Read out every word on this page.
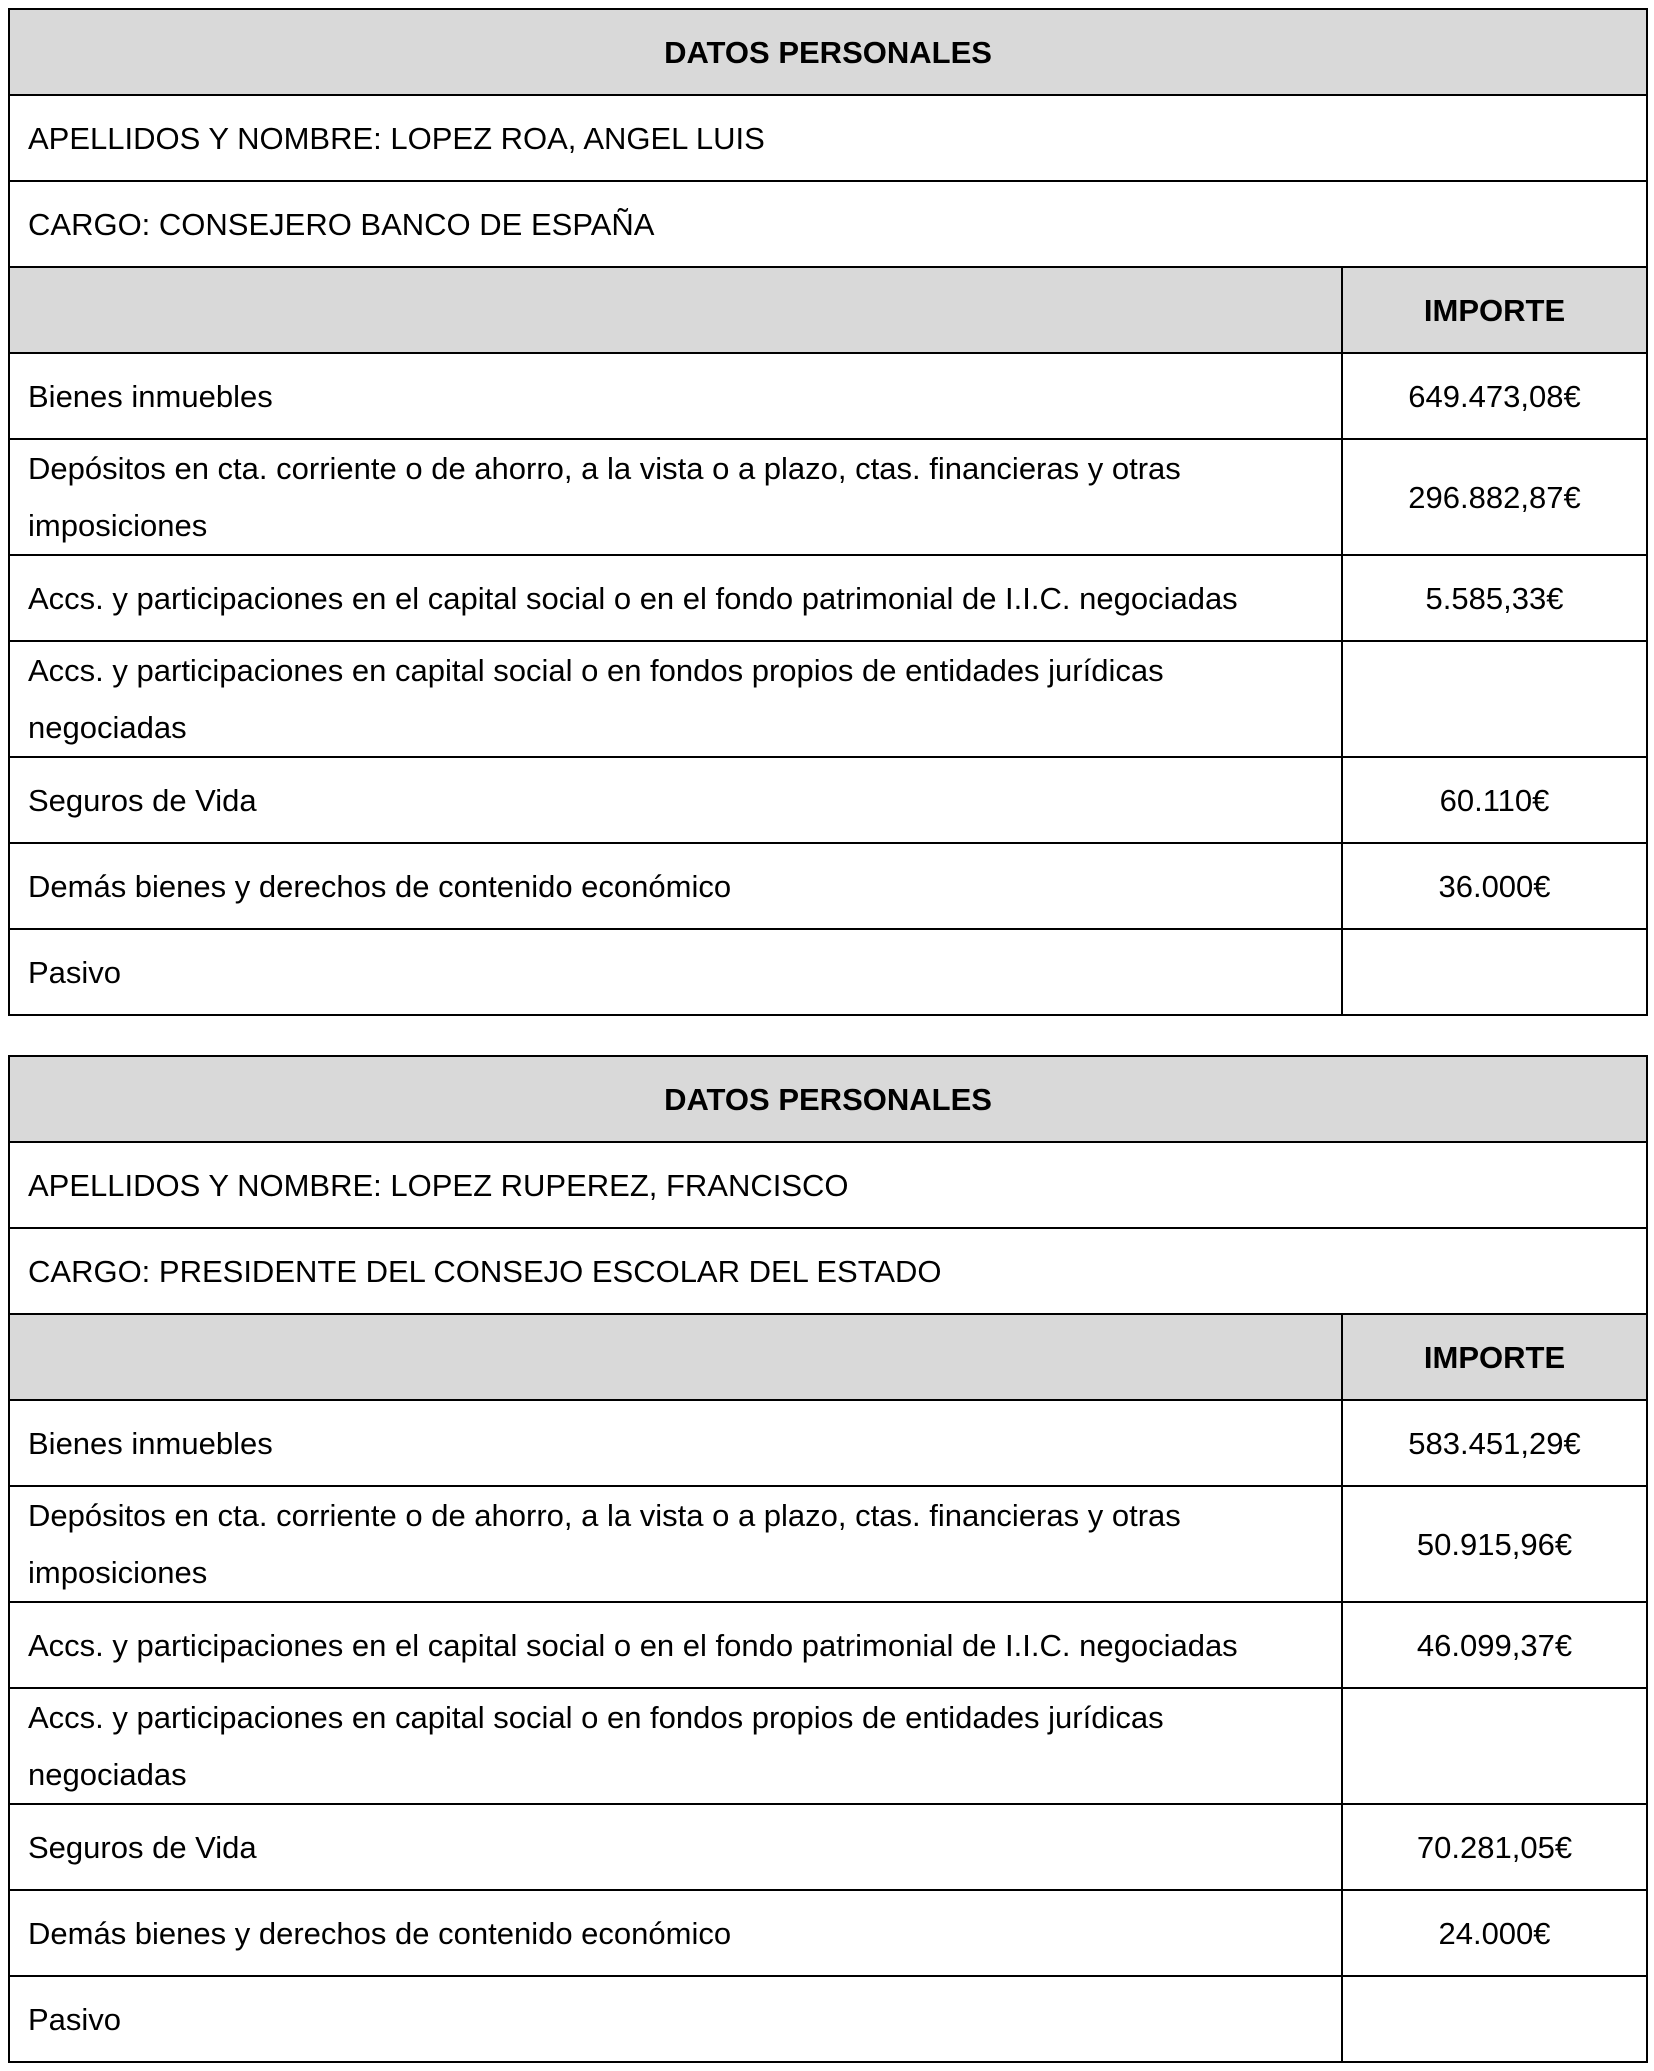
DATOS PERSONALES	
APELLIDOS Y NOMBRE: LOPEZ ROA, ANGEL LUIS	
CARGO: CONSEJERO BANCO DE ESPAÑA	
	IMPORTE
Bienes inmuebles	649.473,08€
Depósitos en cta. corriente o de ahorro, a la vista o a plazo, ctas. financieras y otras imposiciones	296.882,87€
Accs. y participaciones en el capital social o en el fondo patrimonial de I.I.C. negociadas	5.585,33€
Accs. y participaciones en capital social o en fondos propios de entidades jurídicas negociadas	
Seguros de Vida	60.110€
Demás bienes y derechos de contenido económico	36.000€
Pasivo	
DATOS PERSONALES	
APELLIDOS Y NOMBRE: LOPEZ RUPEREZ, FRANCISCO	
CARGO: PRESIDENTE DEL CONSEJO ESCOLAR DEL ESTADO	
	IMPORTE
Bienes inmuebles	583.451,29€
Depósitos en cta. corriente o de ahorro, a la vista o a plazo, ctas. financieras y otras imposiciones	50.915,96€
Accs. y participaciones en el capital social o en el fondo patrimonial de I.I.C. negociadas	46.099,37€
Accs. y participaciones en capital social o en fondos propios de entidades jurídicas negociadas	
Seguros de Vida	70.281,05€
Demás bienes y derechos de contenido económico	24.000€
Pasivo	
